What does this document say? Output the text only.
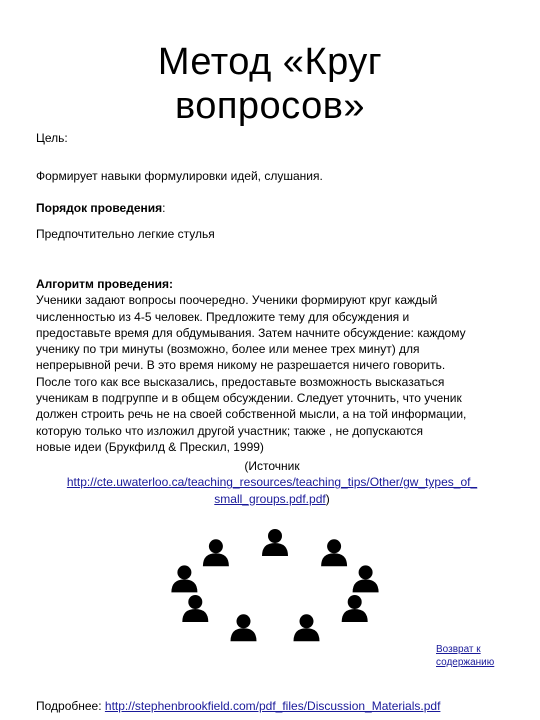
Метод «Круг
вопросов»
Цель:
Формирует навыки формулировки идей, слушания.
Порядок проведения:
Предпочтительно легкие стулья
Алгоритм проведения:
Ученики задают вопросы поочередно. Ученики формируют круг каждый
численностью из 4-5 человек. Предложите тему для обсуждения и
предоставьте время для обдумывания. Затем начните обсуждение: каждому
ученику по три минуты (возможно, более или менее трех минут) для
непрерывной речи. В это время никому не разрешается ничего говорить.
После того как все высказались, предоставьте возможность высказаться
ученикам в подгруппе и в общем обсуждении. Следует уточнить, что ученик
должен строить речь не на своей собственной мысли, а на той информации,
которую только что изложил другой участник; также , не допускаются
новые идеи (Брукфилд & Прескил, 1999)
(Источник
http://cte.uwaterloo.ca/teaching_resources/teaching_tips/Other/gw_types_of_
small_groups.pdf.pdf)
Возврат к
содержанию
Подробнее: http://stephenbrookfield.com/pdf_files/Discussion_Materials.pdf
